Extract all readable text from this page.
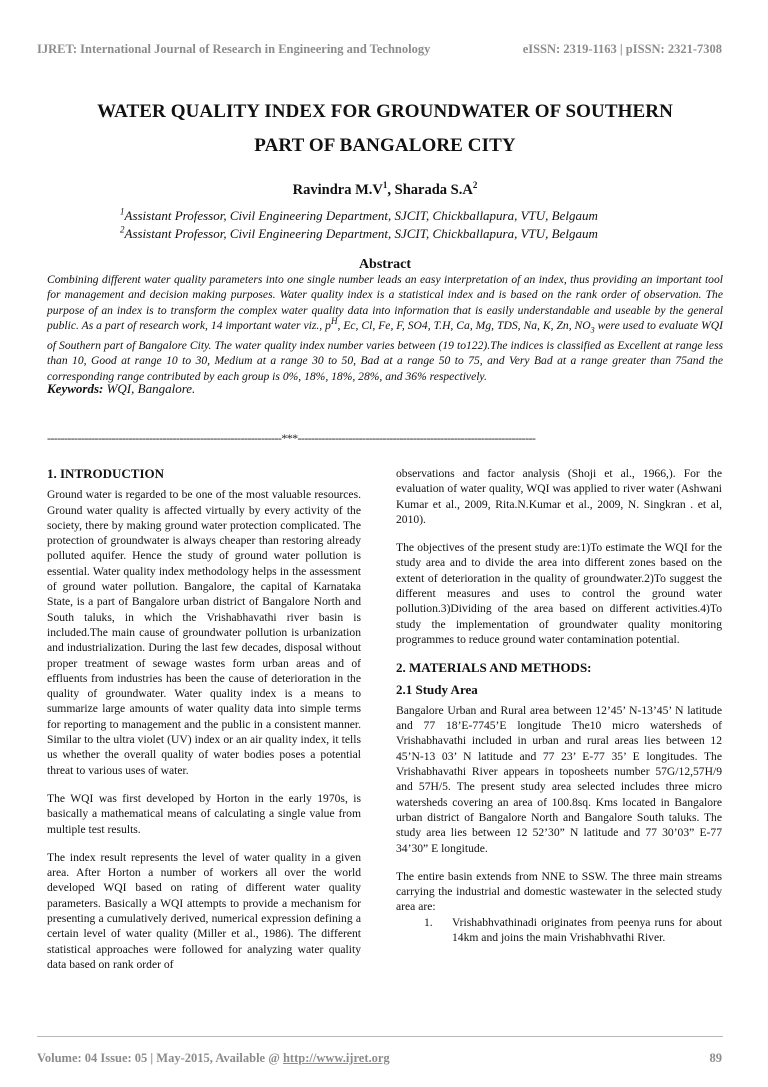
IJRET: International Journal of Research in Engineering and Technology	eISSN: 2319-1163 | pISSN: 2321-7308
WATER QUALITY INDEX FOR GROUNDWATER OF SOUTHERN
PART OF BANGALORE CITY
Ravindra $M.V^1$, Sharada $S.A^2$
$^1$Assistant Professor, Civil Engineering Department, SJCIT, Chickballapura, VTU, Belgaum
$^2$Assistant Professor, Civil Engineering Department, SJCIT, Chickballapura, VTU, Belgaum
Abstract
Combining different water quality parameters into one single number leads an easy interpretation of an index, thus providing an important tool for management and decision making purposes. Water quality index is a statistical index and is based on the rank order of observation. The purpose of an index is to transform the complex water quality data into information that is easily understandable and useable by the general public. As a part of research work, 14 important water viz., $p^H$, Ec, Cl, Fe, F, SO4, T.H, Ca, Mg, TDS, Na, K, Zn, $NO_3$ were used to evaluate WQI of Southern part of Bangalore City. The water quality index number varies between (19 to122).The indices is classified as Excellent at range less than 10, Good at range 10 to 30, Medium at a range 30 to 50, Bad at a range 50 to 75, and Very Bad at a range greater than 75and the corresponding range contributed by each group is 0%, 18%, 18%, 28%, and 36% respectively.
Keywords: WQI, Bangalore.
---------------------------------------------------------------------***----------------------------------------------------------------------
1. INTRODUCTION

Ground water is regarded to be one of the most valuable resources. Ground water quality is affected virtually by every activity of the society, there by making ground water protection complicated. The protection of groundwater is always cheaper than restoring already polluted aquifer. Hence the study of ground water pollution is essential. Water quality index methodology helps in the assessment of ground water pollution. Bangalore, the capital of Karnataka State, is a part of Bangalore urban district of Bangalore North and South taluks, in which the Vrishabhavathi river basin is included.The main cause of groundwater pollution is urbanization and industrialization. During the last few decades, disposal without proper treatment of sewage wastes form urban areas and of effluents from industries has been the cause of deterioration in the quality of groundwater. Water quality index is a means to summarize large amounts of water quality data into simple terms for reporting to management and the public in a consistent manner. Similar to the ultra violet (UV) index or an air quality index, it tells us whether the overall quality of water bodies poses a potential threat to various uses of water.

The WQI was first developed by Horton in the early 1970s, is basically a mathematical means of calculating a single value from multiple test results.

The index result represents the level of water quality in a given area. After Horton a number of workers all over the world developed WQI based on rating of different water quality parameters. Basically a WQI attempts to provide a mechanism for presenting a cumulatively derived, numerical expression defining a certain level of water quality (Miller et al., 1986). The different statistical approaches were followed for analyzing water quality data based on rank order of

observations and factor analysis (Shoji et al., 1966,). For the evaluation of water quality, WQI was applied to river water (Ashwani Kumar et al., 2009, Rita.N.Kumar et al., 2009, N. Singkran . et al, 2010).

The objectives of the present study are:1)To estimate the WQI for the study area and to divide the area into different zones based on the extent of deterioration in the quality of groundwater.2)To suggest the different measures and uses to control the ground water pollution.3)Dividing of the area based on different activities.4)To study the implementation of groundwater quality monitoring programmes to reduce ground water contamination potential.

2. MATERIALS AND METHODS:
2.1 Study Area

Bangalore Urban and Rural area between 12’45’ N-13’45’ N latitude and 77 18’E-7745’E longitude The10 micro watersheds of Vrishabhavathi included in urban and rural areas lies between 12 45’N-13 03’ N latitude and 77 23’ E-77 35’ E longitudes. The Vrishabhavathi River appears in toposheets number 57G/12,57H/9 and 57H/5. The present study area selected includes three micro watersheds covering an area of 100.8sq. Kms located in Bangalore urban district of Bangalore North and Bangalore South taluks. The study area lies between 12 52’30” N latitude and 77 30’03” E-77 34’30” E longitude.

The entire basin extends from NNE to SSW. The three main streams carrying the industrial and domestic wastewater in the selected study area are:

1. Vrishabhvathinadi originates from peenya runs for about 14km and joins the main Vrishabhvathi River.
Volume: 04 Issue: 05 | May-2015, Available @ http://www.ijret.org	89
